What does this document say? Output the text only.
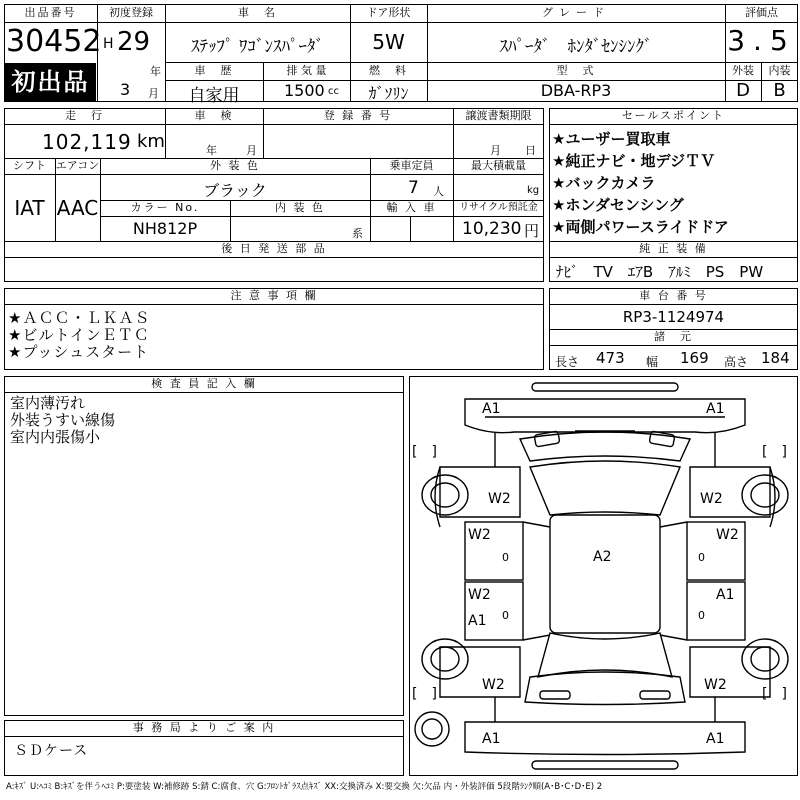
出品番号
30452
初出品
初度登録
H 29
年
3 月
車　名
ｽﾃｯﾌﾟ ﾜｺﾞﾝｽﾊﾟｰﾀﾞ
ドア形状
5W
グレード
ｽﾊﾟｰﾀﾞ　ﾎﾝﾀﾞｾﾝｼﾝｸﾞ
評価点
3.5
車　歴
自家用
排 気 量
1500 cc
燃　料
ｶﾞｿﾘﾝ
型　式
DBA-RP3
外装	内装
D	B
走　行
102,119 km
車　検
年	月
登 録 番 号	譲渡書類期限
月 日
シフト エアコン
IAT AAC
外 装 色
ブラック
乗車定員
7 人
最大積載量
kg
カラー No.
NH812P
内 装 色
系
輸 入 車	リサイクル預託金
10,230 円
後 日 発 送 部 品
セールスポイント
★ユーザー買取車
★純正ナビ・地デジＴＶ
★バックカメラ
★ホンダセンシング
★両側パワースライドドア
純 正 装 備
ﾅﾋﾞ　TV　ｴｱB　ｱﾙﾐ　PS　PW
注 意 事 項 欄
★ＡＣＣ・ＬＫＡＳ
★ビルトインＥＴＣ
★プッシュスタート
車 台 番 号
RP3-1124974
諸　元
長さ 473 幅 169 高さ 184
検 査 員 記 入 欄
室内薄汚れ
外装うすい線傷
室内内張傷小
事 務 局 よ り ご 案 内
ＳＤケース
A1	A1
[　]	[　]
W2	W2
W2	W2
0	0
A2
W2
A1
A1
0	0
W2	W2
[　]	[　]
A1	A1
A:ｷｽﾞ U:ﾍｺﾐ B:ｷｽﾞを伴うﾍｺﾐ P:要塗装 W:補修跡 S:錆 C:腐食、穴 G:ﾌﾛﾝﾄｶﾞﾗｽ点ｷｽﾞ XX:交換済み X:要交換 欠:欠品 内・外装評価 5段階ﾗﾝｸ順(A･B･C･D･E) 2
